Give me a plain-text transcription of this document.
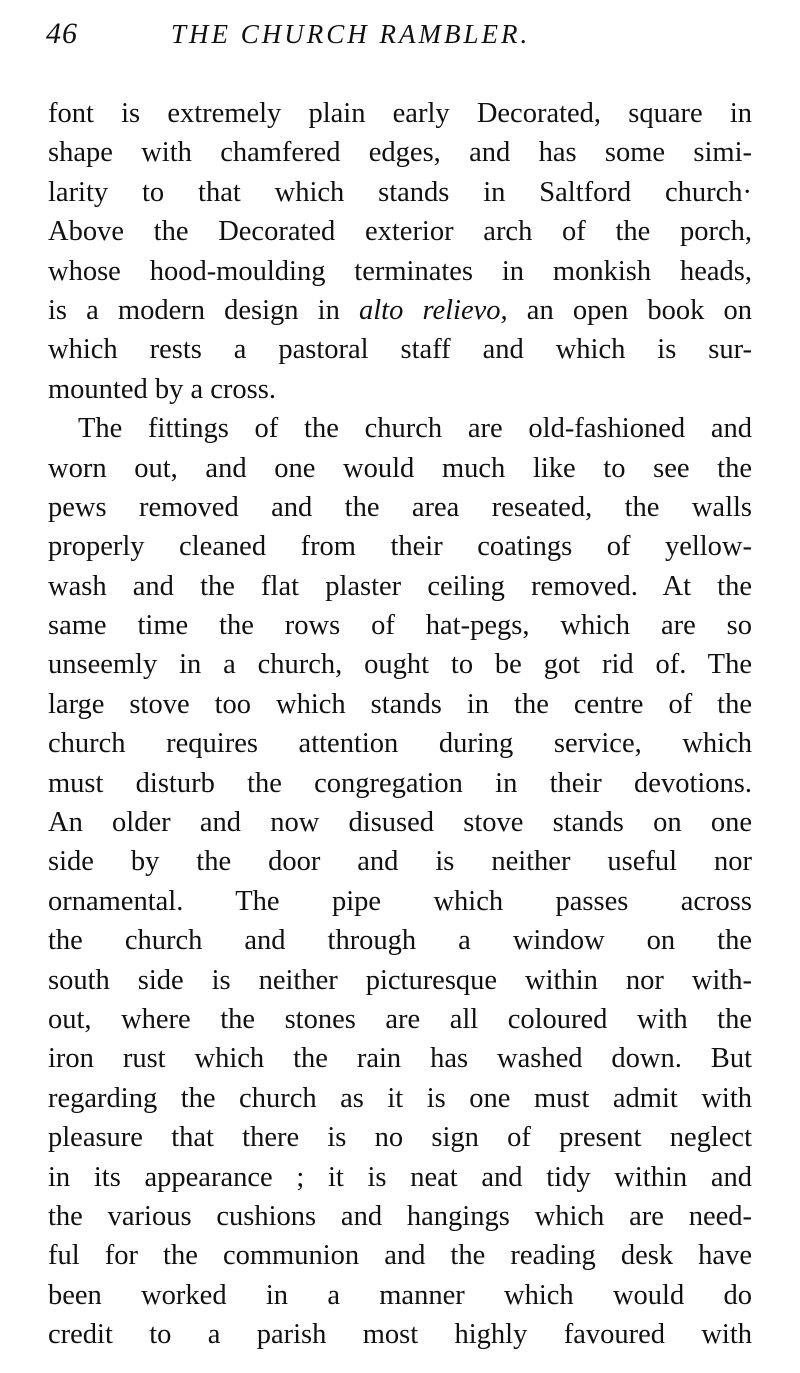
46	THE CHURCH RAMBLER.
font is extremely plain early Decorated, square in
shape with chamfered edges, and has some simi-
larity to that which stands in Saltford church·
Above the Decorated exterior arch of the porch,
whose hood-moulding terminates in monkish heads,
is a modern design in alto relievo, an open book on
which rests a pastoral staff and which is sur-
mounted by a cross.
The fittings of the church are old-fashioned and
worn out, and one would much like to see the
pews removed and the area reseated, the walls
properly cleaned from their coatings of yellow-
wash and the flat plaster ceiling removed. At the
same time the rows of hat-pegs, which are so
unseemly in a church, ought to be got rid of. The
large stove too which stands in the centre of the
church requires attention during service, which
must disturb the congregation in their devotions.
An older and now disused stove stands on one
side by the door and is neither useful nor
ornamental. The pipe which passes across
the church and through a window on the
south side is neither picturesque within nor with-
out, where the stones are all coloured with the
iron rust which the rain has washed down. But
regarding the church as it is one must admit with
pleasure that there is no sign of present neglect
in its appearance ; it is neat and tidy within and
the various cushions and hangings which are need-
ful for the communion and the reading desk have
been worked in a manner which would do
credit to a parish most highly favoured with
